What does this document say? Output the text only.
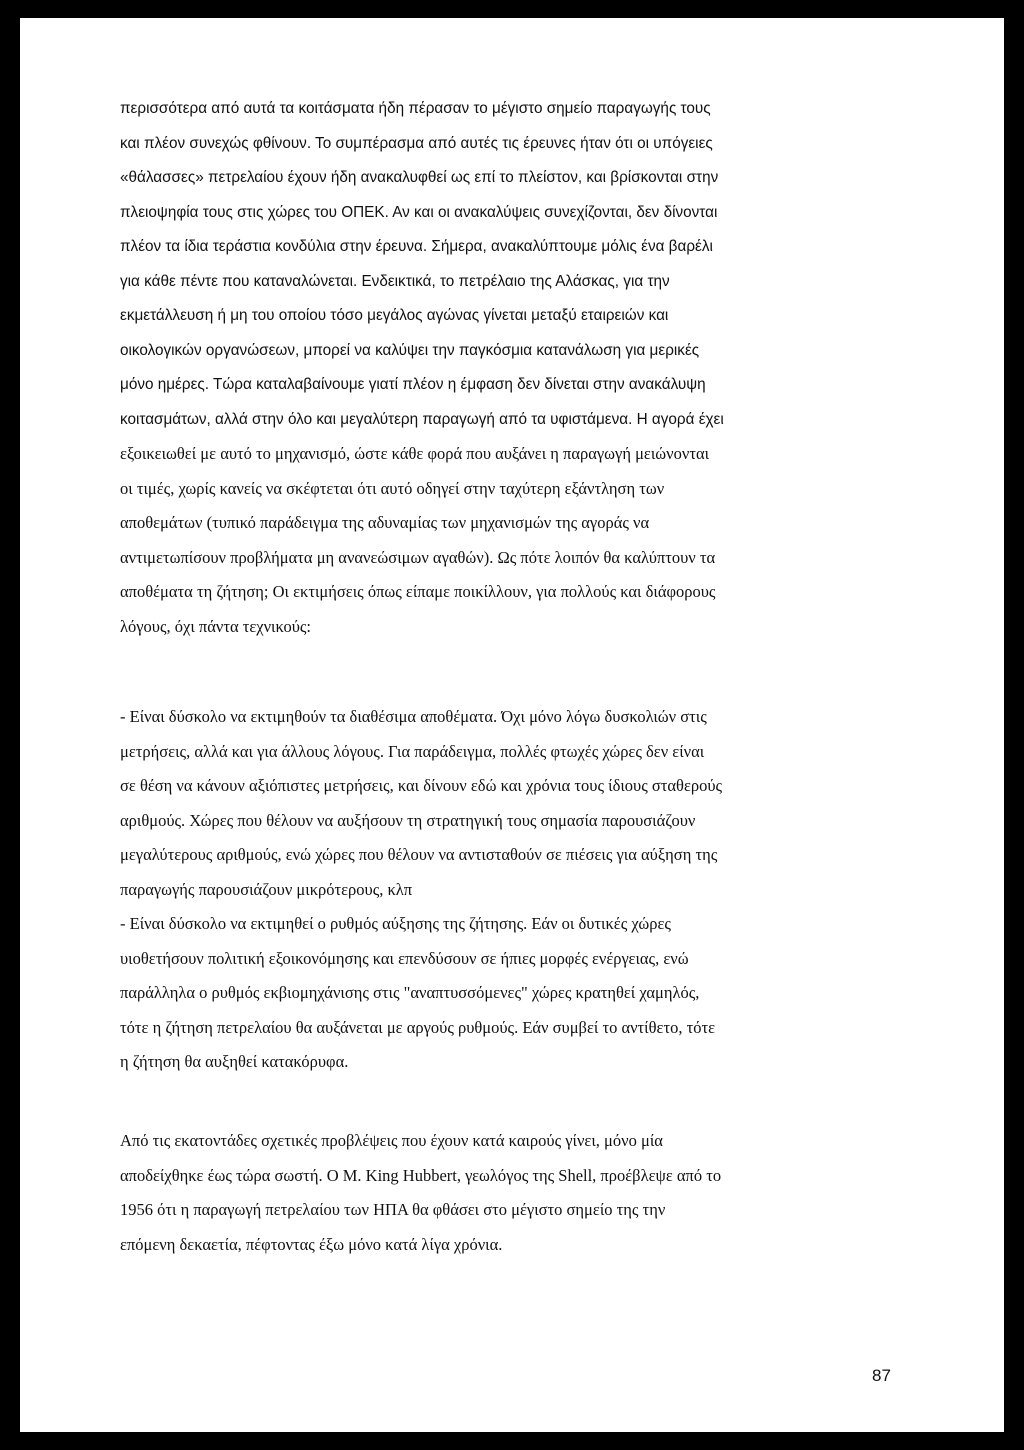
περισσότερα από αυτά τα κοιτάσματα ήδη πέρασαν το μέγιστο σημείο παραγωγής τους
και πλέον συνεχώς φθίνουν. Το συμπέρασμα από αυτές τις έρευνες ήταν ότι οι υπόγειες
«θάλασσες» πετρελαίου έχουν ήδη ανακαλυφθεί ως επί το πλείστον, και βρίσκονται στην
πλειοψηφία τους στις χώρες του ΟΠΕΚ. Αν και οι ανακαλύψεις συνεχίζονται, δεν δίνονται
πλέον τα ίδια τεράστια κονδύλια στην έρευνα. Σήμερα, ανακαλύπτουμε μόλις ένα βαρέλι
για κάθε πέντε που καταναλώνεται. Ενδεικτικά, το πετρέλαιο της Αλάσκας, για την
εκμετάλλευση ή μη του οποίου τόσο μεγάλος αγώνας γίνεται μεταξύ εταιρειών και
οικολογικών οργανώσεων, μπορεί να καλύψει την παγκόσμια κατανάλωση για μερικές
μόνο ημέρες. Τώρα καταλαβαίνουμε γιατί πλέον η έμφαση δεν δίνεται στην ανακάλυψη
κοιτασμάτων, αλλά στην όλο και μεγαλύτερη παραγωγή από τα υφιστάμενα. Η αγορά έχει
εξοικειωθεί με αυτό το μηχανισμό, ώστε κάθε φορά που αυξάνει η παραγωγή μειώνονται
οι τιμές, χωρίς κανείς να σκέφτεται ότι αυτό οδηγεί στην ταχύτερη εξάντληση των
αποθεμάτων (τυπικό παράδειγμα της αδυναμίας των μηχανισμών της αγοράς να
αντιμετωπίσουν προβλήματα μη ανανεώσιμων αγαθών). Ως πότε λοιπόν θα καλύπτουν τα
αποθέματα τη ζήτηση; Οι εκτιμήσεις όπως είπαμε ποικίλλουν, για πολλούς και διάφορους
λόγους, όχι πάντα τεχνικούς:

- Είναι δύσκολο να εκτιμηθούν τα διαθέσιμα αποθέματα. Όχι μόνο λόγω δυσκολιών στις
μετρήσεις, αλλά και για άλλους λόγους. Για παράδειγμα, πολλές φτωχές χώρες δεν είναι
σε θέση να κάνουν αξιόπιστες μετρήσεις, και δίνουν εδώ και χρόνια τους ίδιους σταθερούς
αριθμούς. Χώρες που θέλουν να αυξήσουν τη στρατηγική τους σημασία παρουσιάζουν
μεγαλύτερους αριθμούς, ενώ χώρες που θέλουν να αντισταθούν σε πιέσεις για αύξηση της
παραγωγής παρουσιάζουν μικρότερους, κλπ

- Είναι δύσκολο να εκτιμηθεί ο ρυθμός αύξησης της ζήτησης. Εάν οι δυτικές χώρες
υιοθετήσουν πολιτική εξοικονόμησης και επενδύσουν σε ήπιες μορφές ενέργειας, ενώ
παράλληλα ο ρυθμός εκβιομηχάνισης στις "αναπτυσσόμενες" χώρες κρατηθεί χαμηλός,
τότε η ζήτηση πετρελαίου θα αυξάνεται με αργούς ρυθμούς. Εάν συμβεί το αντίθετο, τότε
η ζήτηση θα αυξηθεί κατακόρυφα.

Από τις εκατοντάδες σχετικές προβλέψεις που έχουν κατά καιρούς γίνει, μόνο μία
αποδείχθηκε έως τώρα σωστή. Ο Μ. King Hubbert, γεωλόγος της Shell, προέβλεψε από το
1956 ότι η παραγωγή πετρελαίου των ΗΠΑ θα φθάσει στο μέγιστο σημείο της την
επόμενη δεκαετία, πέφτοντας έξω μόνο κατά λίγα χρόνια.

87
